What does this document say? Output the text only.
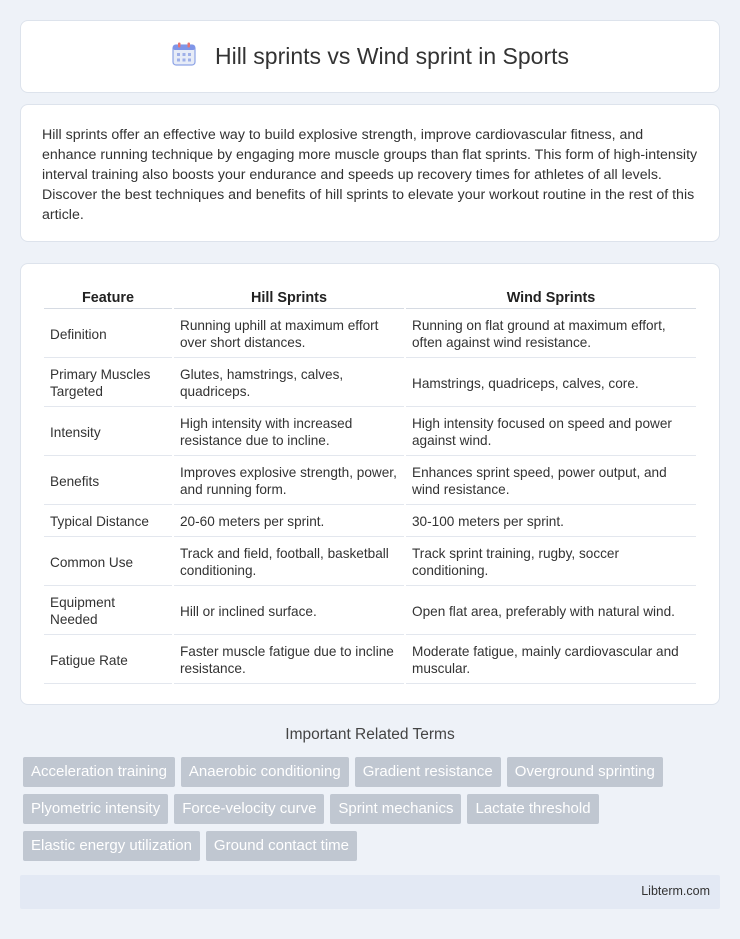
Hill sprints vs Wind sprint in Sports

Hill sprints offer an effective way to build explosive strength, improve cardiovascular fitness, and enhance running technique by engaging more muscle groups than flat sprints. This form of high-intensity interval training also boosts your endurance and speeds up recovery times for athletes of all levels. Discover the best techniques and benefits of hill sprints to elevate your workout routine in the rest of this article.

Feature	Hill Sprints	Wind Sprints
Definition	Running uphill at maximum effort over short distances.	Running on flat ground at maximum effort, often against wind resistance.
Primary Muscles Targeted	Glutes, hamstrings, calves, quadriceps.	Hamstrings, quadriceps, calves, core.
Intensity	High intensity with increased resistance due to incline.	High intensity focused on speed and power against wind.
Benefits	Improves explosive strength, power, and running form.	Enhances sprint speed, power output, and wind resistance.
Typical Distance	20-60 meters per sprint.	30-100 meters per sprint.
Common Use	Track and field, football, basketball conditioning.	Track sprint training, rugby, soccer conditioning.
Equipment Needed	Hill or inclined surface.	Open flat area, preferably with natural wind.
Fatigue Rate	Faster muscle fatigue due to incline resistance.	Moderate fatigue, mainly cardiovascular and muscular.
Important Related Terms
Acceleration training	Anaerobic conditioning	Gradient resistance	Overground sprinting
Plyometric intensity	Force-velocity curve	Sprint mechanics	Lactate threshold
Elastic energy utilization	Ground contact time
Libterm.com
